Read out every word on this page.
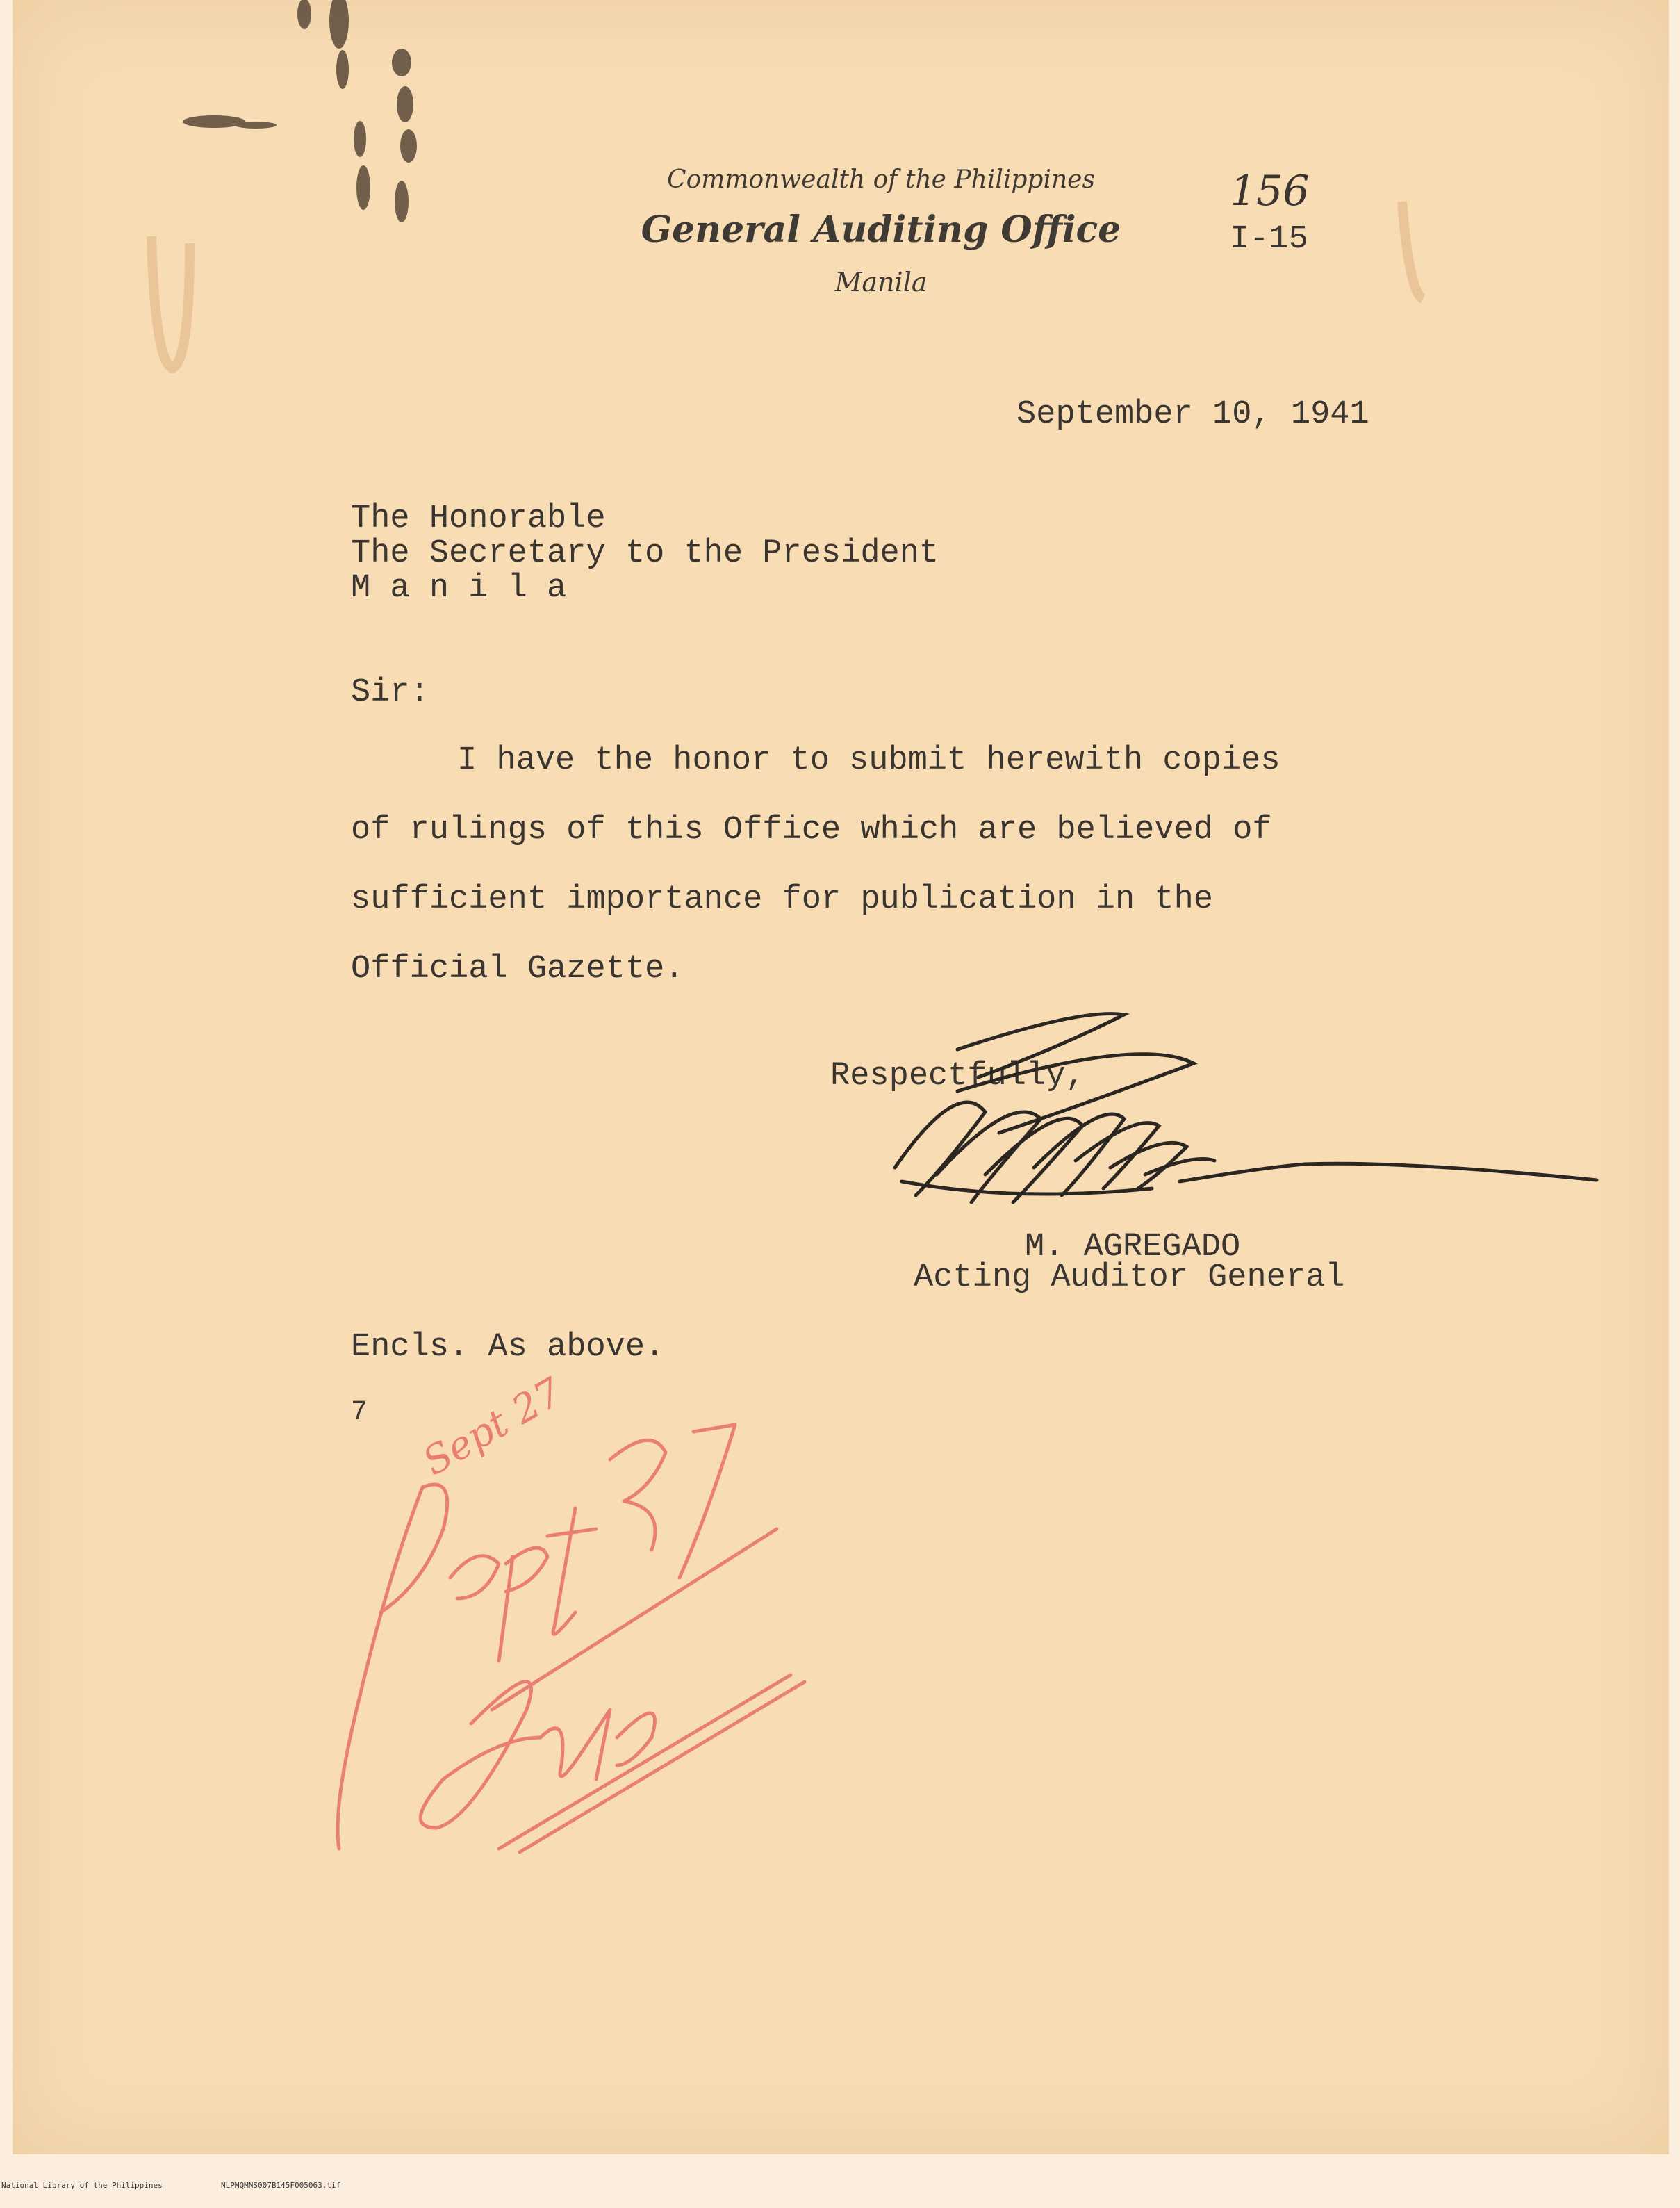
Commonwealth of the Philippines
General Auditing Office
Manila
156
I-15
September 10, 1941
The Honorable
The Secretary to the President
M a n i l a
Sir:
I have the honor to submit herewith copies
of rulings of this Office which are believed of
sufficient importance for publication in the
Official Gazette.
Respectfully,
M. AGREGADO
Acting Auditor General
Encls. As above.
7 Sept 27

National Library of the Philippines

	NLPMQMNS007B145F005063.tif
